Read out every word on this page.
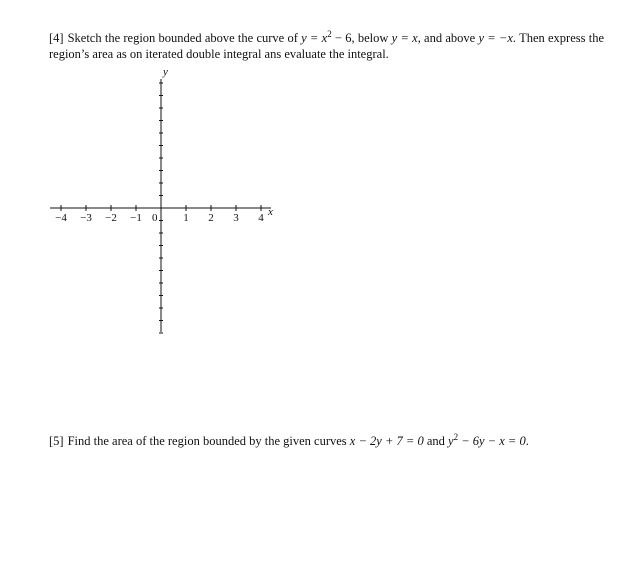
[4] Sketch the region bounded above the curve of $y = x^2 - 6$, below y = x, and above y = −x. Then express the region’s area as on iterated double integral ans evaluate the integral.
−4 −3 −2 −1	1 2 3 4
y
x
0
[5] Find the area of the region bounded by the given curves x − 2y + 7 = 0 and $y^2 - 6y - x = 0$.
